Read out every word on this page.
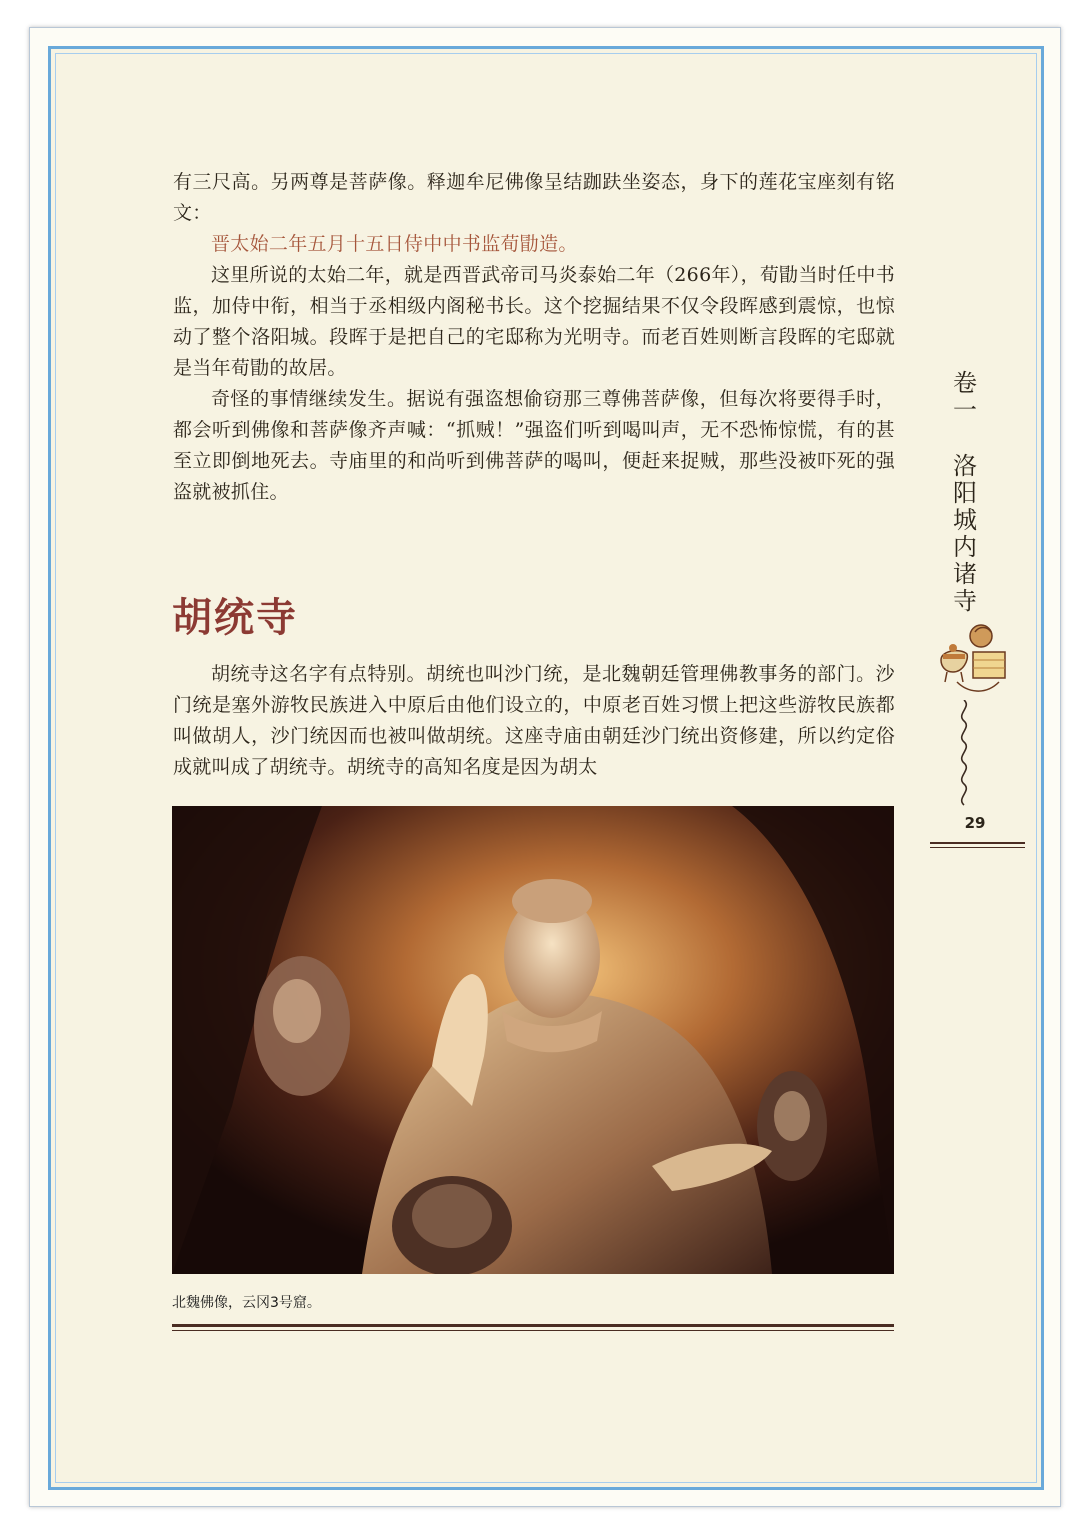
有三尺高。另两尊是菩萨像。释迦牟尼佛像呈结跏趺坐姿态，身下的莲花宝座刻有铭文：

晋太始二年五月十五日侍中中书监荀勖造。

这里所说的太始二年，就是西晋武帝司马炎泰始二年（266年），荀勖当时任中书监，加侍中衔，相当于丞相级内阁秘书长。这个挖掘结果不仅令段晖感到震惊，也惊动了整个洛阳城。段晖于是把自己的宅邸称为光明寺。而老百姓则断言段晖的宅邸就是当年荀勖的故居。

奇怪的事情继续发生。据说有强盗想偷窃那三尊佛菩萨像，但每次将要得手时，都会听到佛像和菩萨像齐声喊：“抓贼！”强盗们听到喝叫声，无不恐怖惊慌，有的甚至立即倒地死去。寺庙里的和尚听到佛菩萨的喝叫，便赶来捉贼，那些没被吓死的强盗就被抓住。

胡统寺

胡统寺这名字有点特别。胡统也叫沙门统，是北魏朝廷管理佛教事务的部门。沙门统是塞外游牧民族进入中原后由他们设立的，中原老百姓习惯上把这些游牧民族都叫做胡人，沙门统因而也被叫做胡统。这座寺庙由朝廷沙门统出资修建，所以约定俗成就叫成了胡统寺。胡统寺的高知名度是因为胡太

北魏佛像，云冈3号窟。
卷
一
洛
阳
城
内
诸
寺
29
